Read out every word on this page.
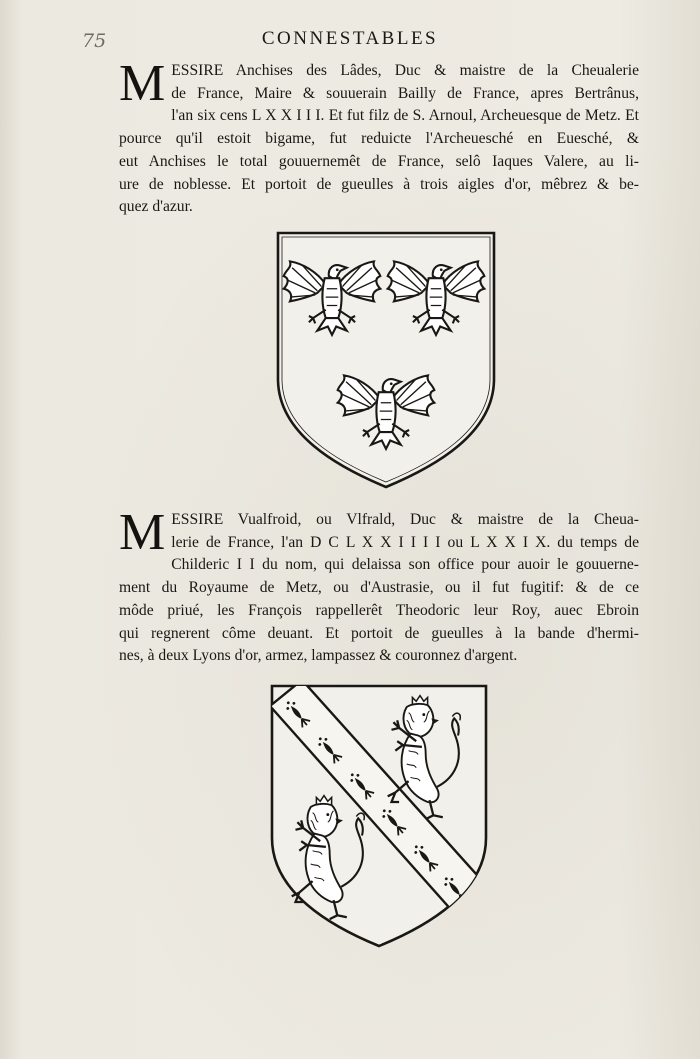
75	CONNESTABLES
M ESSIRE Anchises des Lâdes, Duc & maistre de la Cheualerie
de France, Maire & souuerain Bailly de France, apres Bertrânus,
l'an six cens L X X I I I. Et fut filz de S. Arnoul, Archeuesque de Metz. Et
pource qu'il estoit bigame, fut reduicte l'Archeuesché en Euesché, &
eut Anchises le total gouuernemêt de France, selô Iaques Valere, au li-
ure de noblesse. Et portoit de gueulles à trois aigles d'or, mêbrez & be-
quez d'azur.
M ESSIRE Vualfroid, ou Vlfrald, Duc & maistre de la Cheua-
lerie de France, l'an D C L X X I I I I ou L X X I X. du temps de
Childeric I I du nom, qui delaissa son office pour auoir le gouuerne-
ment du Royaume de Metz, ou d'Austrasie, ou il fut fugitif: & de ce
môde priué, les François rappellerêt Theodoric leur Roy, auec Ebroin
qui regnerent côme deuant. Et portoit de gueulles à la bande d'hermi-
nes, à deux Lyons d'or, armez, lampassez & couronnez d'argent.
